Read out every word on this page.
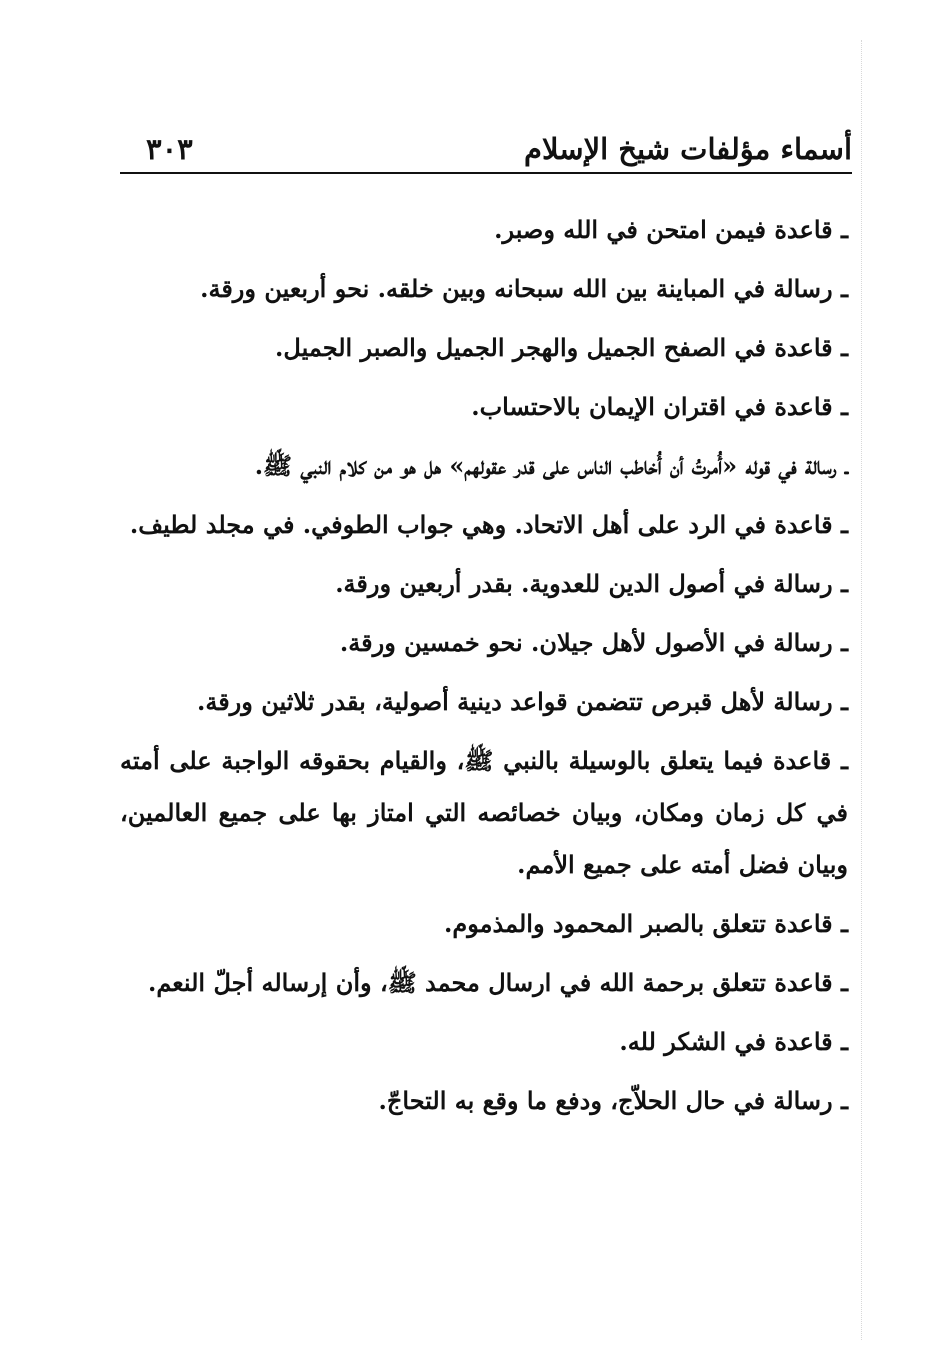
أسماء مؤلفات شيخ الإسلام
٣٠٣
ـ قاعدة فيمن امتحن في الله وصبر.
ـ رسالة في المباينة بين الله سبحانه وبين خلقه. نحو أربعين ورقة.
ـ قاعدة في الصفح الجميل والهجر الجميل والصبر الجميل.
ـ قاعدة في اقتران الإيمان بالاحتساب.
ـ رسالة في قوله «أُمرتُ أن أُخاطب الناس على قدر عقولهم» هل هو من كلام النبي ﷺ.
ـ قاعدة في الرد على أهل الاتحاد. وهي جواب الطوفي. في مجلد لطيف.
ـ رسالة في أصول الدين للعدوية. بقدر أربعين ورقة.
ـ رسالة في الأصول لأهل جيلان. نحو خمسين ورقة.
ـ رسالة لأهل قبرص تتضمن قواعد دينية أصولية، بقدر ثلاثين ورقة.
ـ قاعدة فيما يتعلق بالوسيلة بالنبي ﷺ، والقيام بحقوقه الواجبة على أمته في كل زمان ومكان، وبيان خصائصه التي امتاز بها على جميع العالمين، وبيان فضل أمته على جميع الأمم.
ـ قاعدة تتعلق بالصبر المحمود والمذموم.
ـ قاعدة تتعلق برحمة الله في ارسال محمد ﷺ، وأن إرساله أجلّ النعم.
ـ قاعدة في الشكر لله.
ـ رسالة في حال الحلاّج، ودفع ما وقع به التحاجّ.
